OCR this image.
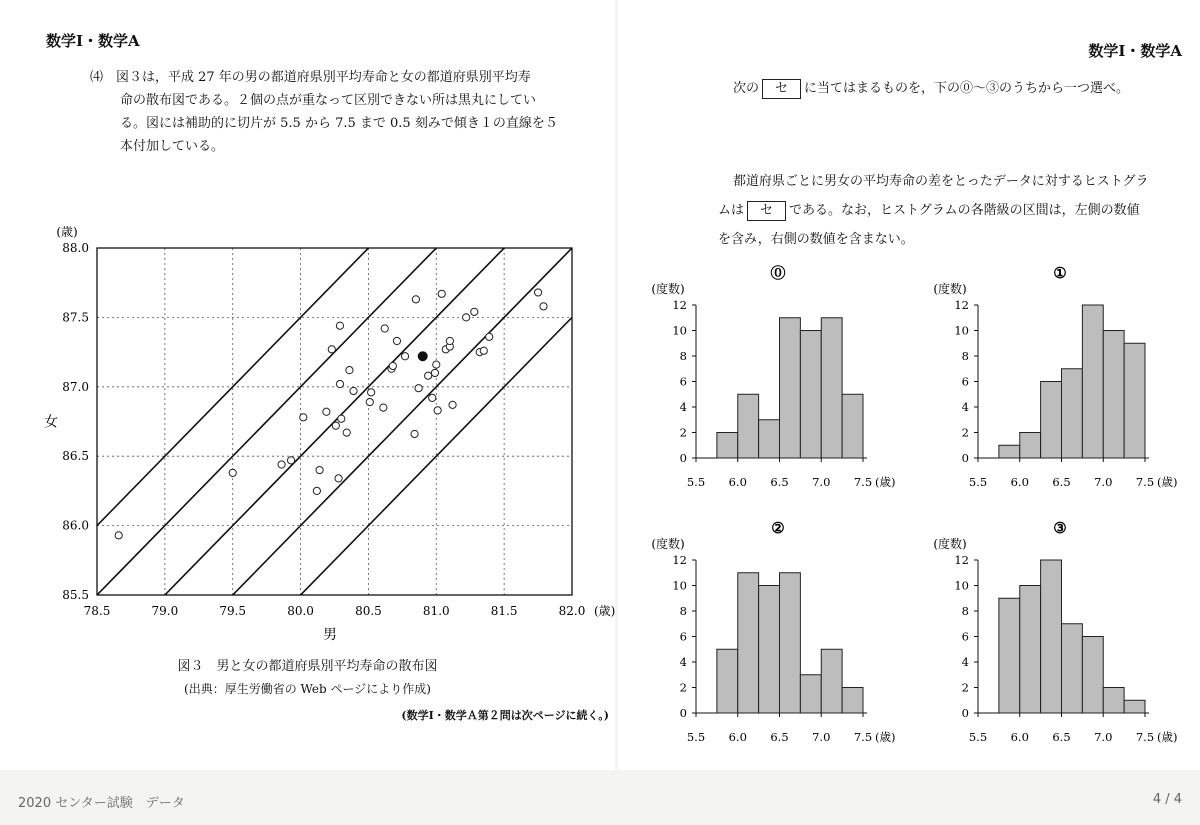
数学Ⅰ・数学A
⑷　図３は，平成 27 年の男の都道府県別平均寿命と女の都道府県別平均寿
命の散布図である。２個の点が重なって区別できない所は黒丸にしてい
る。図には補助的に切片が 5.5 から 7.5 まで 0.5 刻みで傾き１の直線を５
本付加している。
78.5	79.0	79.5	80.0	80.5	81.0	81.5	82.0 (歳)
85.5
86.0
86.5
87.0
87.5
88.0
(歳)
男
女
図３　男と女の都道府県別平均寿命の散布図
(出典：厚生労働省の Web ページにより作成)
(数学Ⅰ・数学Ａ第２問は次ページに続く。)
数学Ⅰ・数学A
次の セ に当てはまるものを，下の⓪～③のうちから一つ選べ。
都道府県ごとに男女の平均寿命の差をとったデータに対するヒストグラ
ムは セ である。なお，ヒストグラムの各階級の区間は，左側の数値
を含み，右側の数値を含まない。
⓪
(度数)
0
2
4
6
8
10
12
5.5 6.0 6.5 7.0 7.5 (歳)
①
(度数)
0
2
4
6
8
10
12
5.5 6.0 6.5 7.0 7.5 (歳)
②
(度数)
0
2
4
6
8
10
12
5.5 6.0 6.5 7.0 7.5 (歳)
③
(度数)
0
2
4
6
8
10
12
5.5 6.0 6.5 7.0 7.5 (歳)
2020 センター試験　データ	4 / 4
